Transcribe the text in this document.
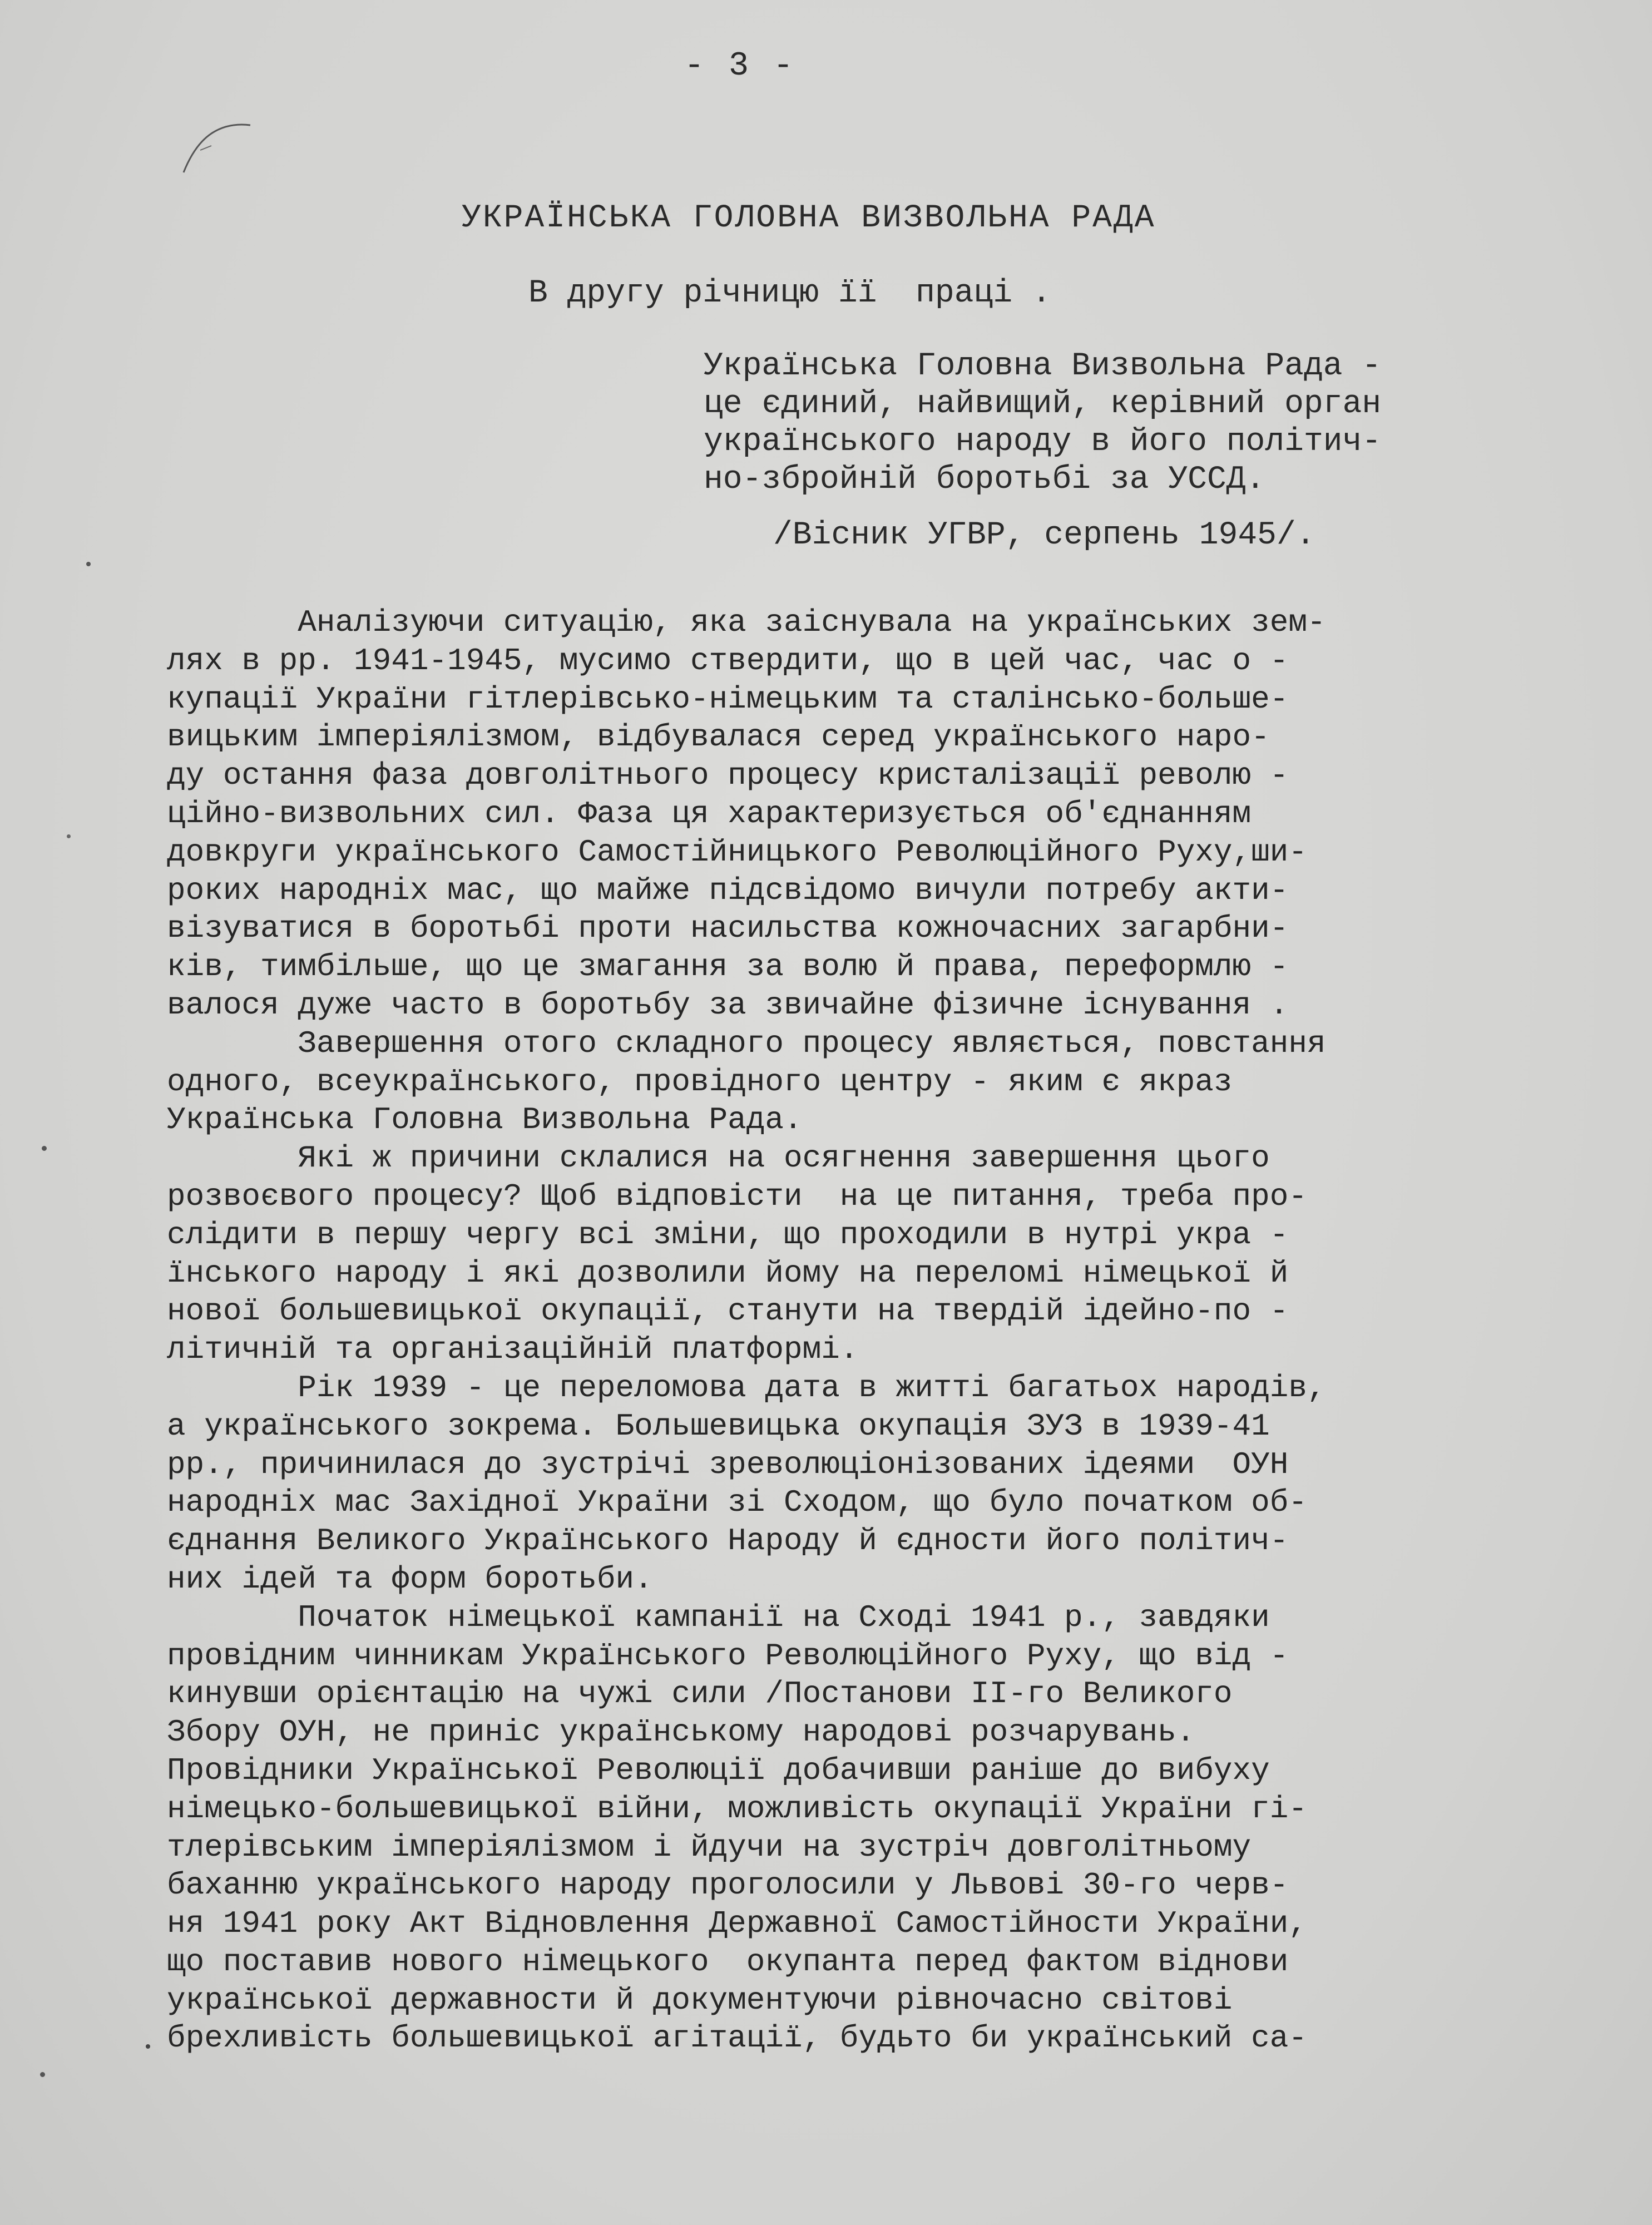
- 3 -
УКРАЇНСЬКА ГОЛОВНА ВИЗВОЛЬНА РАДА
В другу річницю її  праці .
Українська Головна Визвольна Рада -
це єдиний, найвищий, керівний орган
українського народу в його політич-
но-збройній боротьбі за УССД.
/Вісник УГВР, серпень 1945/.
Аналізуючи ситуацію, яка заіснувала на українських зем-
лях в рр. 1941-1945, мусимо ствердити, що в цей час, час о -
купації України гітлерівсько-німецьким та сталінсько-больше-
вицьким імперіялізмом, відбувалася серед українського наро-
ду остання фаза довголітнього процесу кристалізації револю -
ційно-визвольних сил. Фаза ця характеризується об'єднанням
довкруги українського Самостійницького Революційного Руху,ши-
роких народніх мас, що майже підсвідомо вичули потребу акти-
візуватися в боротьбі проти насильства кожночасних загарбни-
ків, тимбільше, що це змагання за волю й права, переформлю -
валося дуже часто в боротьбу за звичайне фізичне існування .
Завершення отого складного процесу являється, повстання
одного, всеукраїнського, провідного центру - яким є якраз
Українська Головна Визвольна Рада.
Які ж причини склалися на осягнення завершення цього
розвоєвого процесу? Щоб відповісти  на це питання, треба про-
слідити в першу чергу всі зміни, що проходили в нутрі укра -
їнського народу і які дозволили йому на переломі німецької й
нової большевицької окупації, станути на твердій ідейно-по -
літичній та організаційній платформі.
Рік 1939 - це переломова дата в житті багатьох народів,
а українського зокрема. Большевицька окупація ЗУЗ в 1939-41
рр., причинилася до зустрічі зреволюціонізованих ідеями  ОУН
народніх мас Західної України зі Сходом, що було початком об-
єднання Великого Українського Народу й єдности його політич-
них ідей та форм боротьби.
Початок німецької кампанії на Сході 1941 р., завдяки
провідним чинникам Українського Революційного Руху, що від -
кинувши орієнтацію на чужі сили /Постанови II-го Великого
Збору ОУН, не приніс українському народові розчарувань.
Провідники Української Революції добачивши раніше до вибуху
німецько-большевицької війни, можливість окупації України гі-
тлерівським імперіялізмом і йдучи на зустріч довголітньому
баханню українського народу проголосили у Львові 30-го черв-
ня 1941 року Акт Відновлення Державної Самостійности України,
що поставив нового німецького  окупанта перед фактом віднови
української державности й документуючи рівночасно світові
брехливість большевицької агітації, будьто би український са-
